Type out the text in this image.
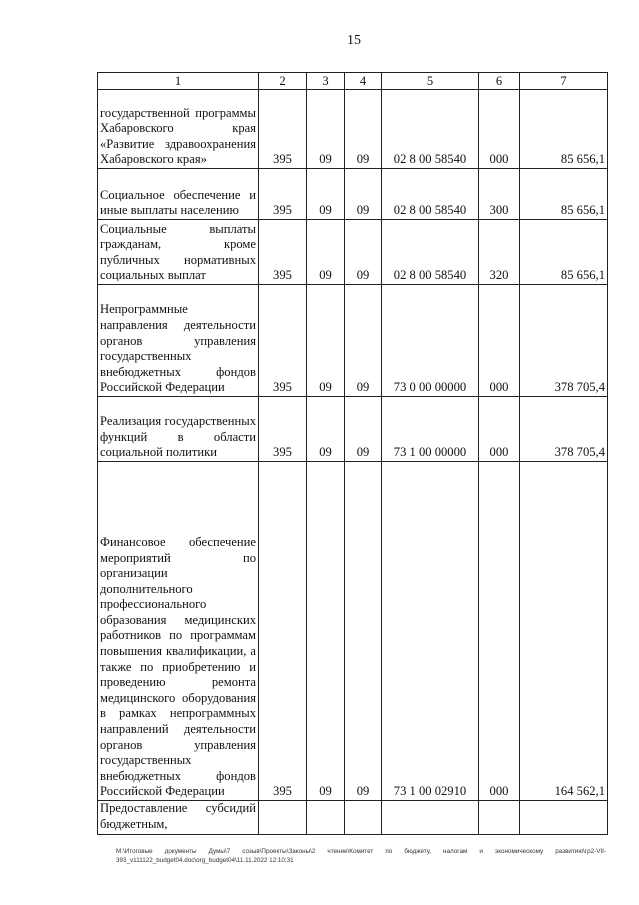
15
1	2	3	4	5	6	7
государственной программы Хабаровского края «Развитие здравоохранения Хабаровского края»	395	09	09	02 8 00 58540	000	85 656,1
Социальное обеспечение и иные выплаты населению	395	09	09	02 8 00 58540	300	85 656,1
Социальные выплаты гражданам, кроме публичных нормативных социальных выплат	395	09	09	02 8 00 58540	320	85 656,1
Непрограммные направления деятельности органов управления государственных внебюджетных фондов Российской Федерации	395	09	09	73 0 00 00000	000	378 705,4
Реализация государственных функций в области социальной политики	395	09	09	73 1 00 00000	000	378 705,4
Финансовое обеспечение мероприятий по организации дополнительного профессионального образования медицинских работников по программам повышения квалификации, а также по приобретению и проведению ремонта медицинского оборудования в рамках непрограммных направлений деятельности органов управления государственных внебюджетных фондов Российской Федерации	395	09	09	73 1 00 02910	000	164 562,1
Предоставление субсидий бюджетным,						
М:\Итоговые документы Думы\7 созыв\Проекты\Законы\2 чтение\Комитет по бюджету, налогам и экономическому развитию\гр2-VII-393_v111122_budget04.doc\org_budget04\11.11.2022 12:10:31
